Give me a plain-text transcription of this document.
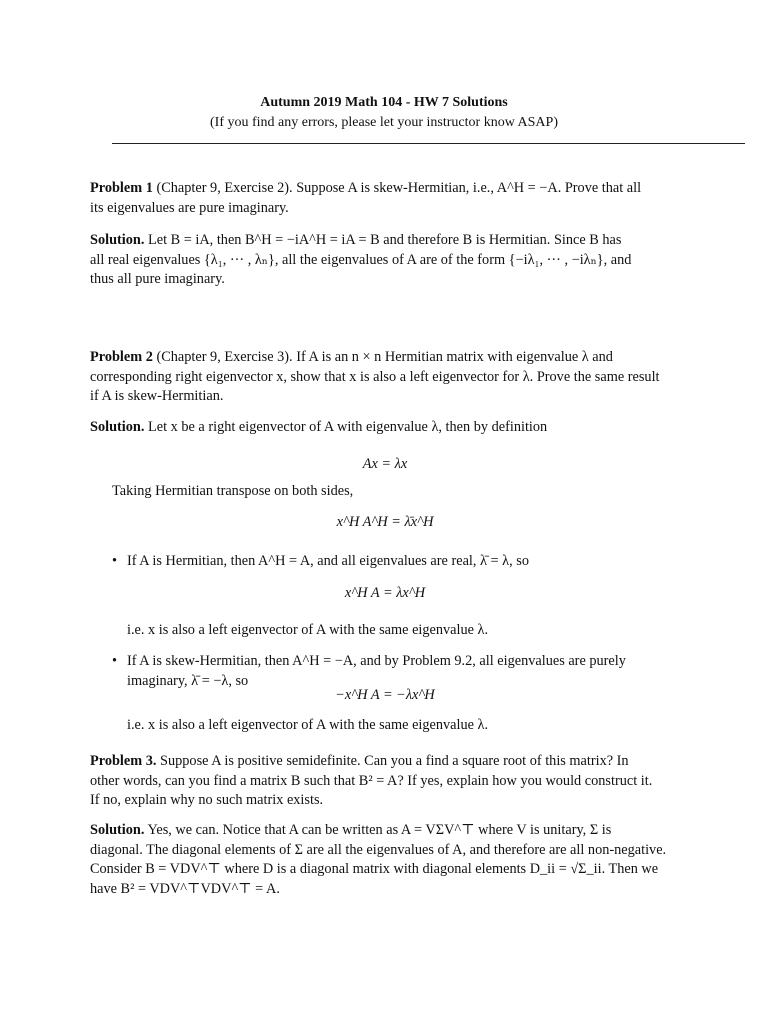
Autumn 2019 Math 104 - HW 7 Solutions
(If you find any errors, please let your instructor know ASAP)

Problem 1 (Chapter 9, Exercise 2). Suppose A is skew-Hermitian, i.e., A^H = −A. Prove that all
its eigenvalues are pure imaginary.

Solution. Let B = iA, then B^H = −iA^H = iA = B and therefore B is Hermitian. Since B has
all real eigenvalues {λ₁, ··· , λₙ}, all the eigenvalues of A are of the form {−iλ₁, ··· , −iλₙ}, and
thus all pure imaginary.

Problem 2 (Chapter 9, Exercise 3). If A is an n × n Hermitian matrix with eigenvalue λ and
corresponding right eigenvector x, show that x is also a left eigenvector for λ. Prove the same result
if A is skew-Hermitian.

Solution. Let x be a right eigenvector of A with eigenvalue λ, then by definition

Ax = λx

Taking Hermitian transpose on both sides,

x^H A^H = λ̄x^H

• If A is Hermitian, then A^H = A, and all eigenvalues are real, λ̄ = λ, so

x^H A = λx^H

i.e. x is also a left eigenvector of A with the same eigenvalue λ.

• If A is skew-Hermitian, then A^H = −A, and by Problem 9.2, all eigenvalues are purely
imaginary, λ̄ = −λ, so

−x^H A = −λx^H

i.e. x is also a left eigenvector of A with the same eigenvalue λ.

Problem 3. Suppose A is positive semidefinite. Can you a find a square root of this matrix? In
other words, can you find a matrix B such that B² = A? If yes, explain how you would construct it.
If no, explain why no such matrix exists.

Solution. Yes, we can. Notice that A can be written as A = VΣV^⊤ where V is unitary, Σ is
diagonal. The diagonal elements of Σ are all the eigenvalues of A, and therefore are all non-negative.
Consider B = VDV^⊤ where D is a diagonal matrix with diagonal elements D_ii = √Σ_ii. Then we
have B² = VDV^⊤VDV^⊤ = A.
